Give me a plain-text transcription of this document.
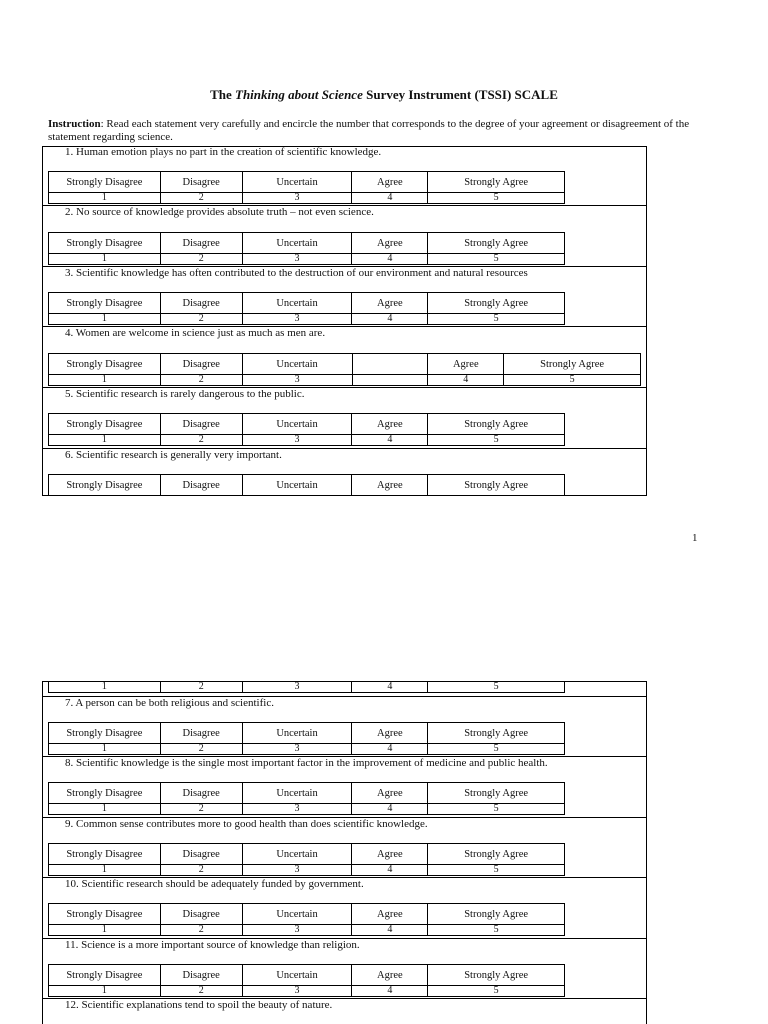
The Thinking about Science Survey Instrument (TSSI) SCALE
Instruction: Read each statement very carefully and encircle the number that corresponds to the degree of your agreement or disagreement of the statement regarding science.
1
1. Human emotion plays no part in the creation of scientific knowledge.
Strongly Disagree	Disagree	Uncertain	Agree	Strongly Agree
1	2	3	4	5
2. No source of knowledge provides absolute truth – not even science.
Strongly Disagree	Disagree	Uncertain	Agree	Strongly Agree
1	2	3	4	5
3. Scientific knowledge has often contributed to the destruction of our environment and natural resources
Strongly Disagree	Disagree	Uncertain	Agree	Strongly Agree
1	2	3	4	5
4. Women are welcome in science just as much as men are.
Strongly Disagree	Disagree	Uncertain		Agree	Strongly Agree
1	2	3		4	5
5. Scientific research is rarely dangerous to the public.
Strongly Disagree	Disagree	Uncertain	Agree	Strongly Agree
1	2	3	4	5
6. Scientific research is generally very important.
Strongly Disagree	Disagree	Uncertain	Agree	Strongly Agree
1	2	3	4	5
7. A person can be both religious and scientific.
Strongly Disagree	Disagree	Uncertain	Agree	Strongly Agree
1	2	3	4	5
8. Scientific knowledge is the single most important factor in the improvement of medicine and public health.
Strongly Disagree	Disagree	Uncertain	Agree	Strongly Agree
1	2	3	4	5
9. Common sense contributes more to good health than does scientific knowledge.
Strongly Disagree	Disagree	Uncertain	Agree	Strongly Agree
1	2	3	4	5
10. Scientific research should be adequately funded by government.
Strongly Disagree	Disagree	Uncertain	Agree	Strongly Agree
1	2	3	4	5
11. Science is a more important source of knowledge than religion.
Strongly Disagree	Disagree	Uncertain	Agree	Strongly Agree
1	2	3	4	5
12. Scientific explanations tend to spoil the beauty of nature.
